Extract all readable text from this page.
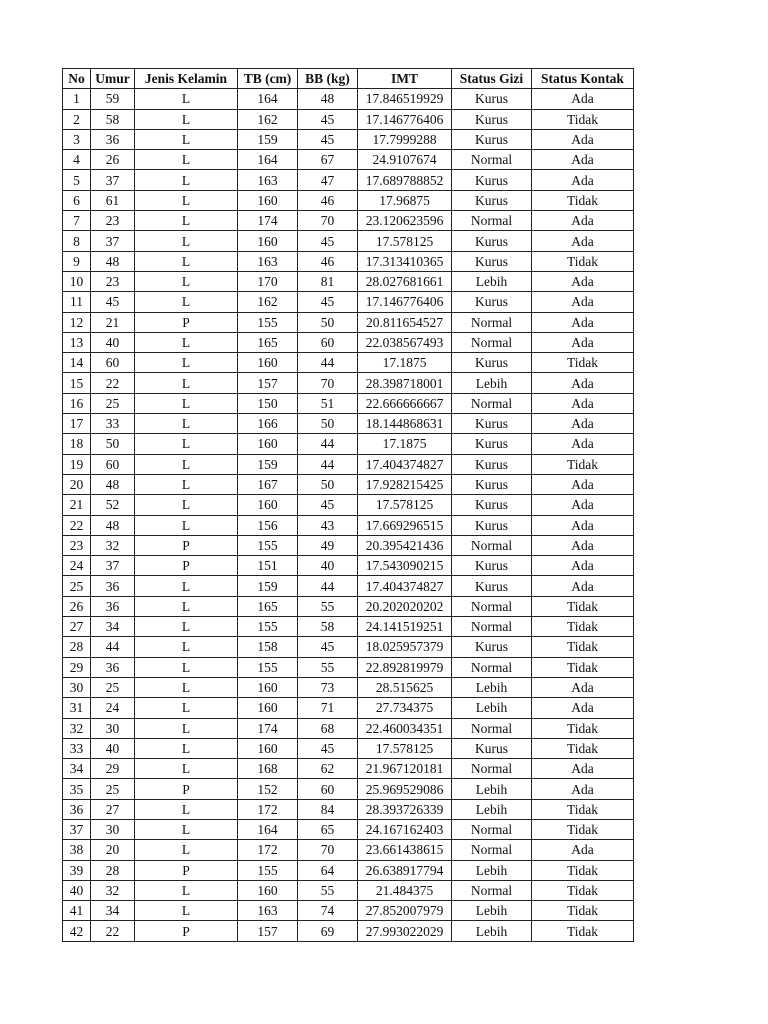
No	Umur	Jenis Kelamin	TB (cm)	BB (kg)	IMT	Status Gizi	Status Kontak
1	59	L	164	48	17.846519929	Kurus	Ada
2	58	L	162	45	17.146776406	Kurus	Tidak
3	36	L	159	45	17.7999288	Kurus	Ada
4	26	L	164	67	24.9107674	Normal	Ada
5	37	L	163	47	17.689788852	Kurus	Ada
6	61	L	160	46	17.96875	Kurus	Tidak
7	23	L	174	70	23.120623596	Normal	Ada
8	37	L	160	45	17.578125	Kurus	Ada
9	48	L	163	46	17.313410365	Kurus	Tidak
10	23	L	170	81	28.027681661	Lebih	Ada
11	45	L	162	45	17.146776406	Kurus	Ada
12	21	P	155	50	20.811654527	Normal	Ada
13	40	L	165	60	22.038567493	Normal	Ada
14	60	L	160	44	17.1875	Kurus	Tidak
15	22	L	157	70	28.398718001	Lebih	Ada
16	25	L	150	51	22.666666667	Normal	Ada
17	33	L	166	50	18.144868631	Kurus	Ada
18	50	L	160	44	17.1875	Kurus	Ada
19	60	L	159	44	17.404374827	Kurus	Tidak
20	48	L	167	50	17.928215425	Kurus	Ada
21	52	L	160	45	17.578125	Kurus	Ada
22	48	L	156	43	17.669296515	Kurus	Ada
23	32	P	155	49	20.395421436	Normal	Ada
24	37	P	151	40	17.543090215	Kurus	Ada
25	36	L	159	44	17.404374827	Kurus	Ada
26	36	L	165	55	20.202020202	Normal	Tidak
27	34	L	155	58	24.141519251	Normal	Tidak
28	44	L	158	45	18.025957379	Kurus	Tidak
29	36	L	155	55	22.892819979	Normal	Tidak
30	25	L	160	73	28.515625	Lebih	Ada
31	24	L	160	71	27.734375	Lebih	Ada
32	30	L	174	68	22.460034351	Normal	Tidak
33	40	L	160	45	17.578125	Kurus	Tidak
34	29	L	168	62	21.967120181	Normal	Ada
35	25	P	152	60	25.969529086	Lebih	Ada
36	27	L	172	84	28.393726339	Lebih	Tidak
37	30	L	164	65	24.167162403	Normal	Tidak
38	20	L	172	70	23.661438615	Normal	Ada
39	28	P	155	64	26.638917794	Lebih	Tidak
40	32	L	160	55	21.484375	Normal	Tidak
41	34	L	163	74	27.852007979	Lebih	Tidak
42	22	P	157	69	27.993022029	Lebih	Tidak
